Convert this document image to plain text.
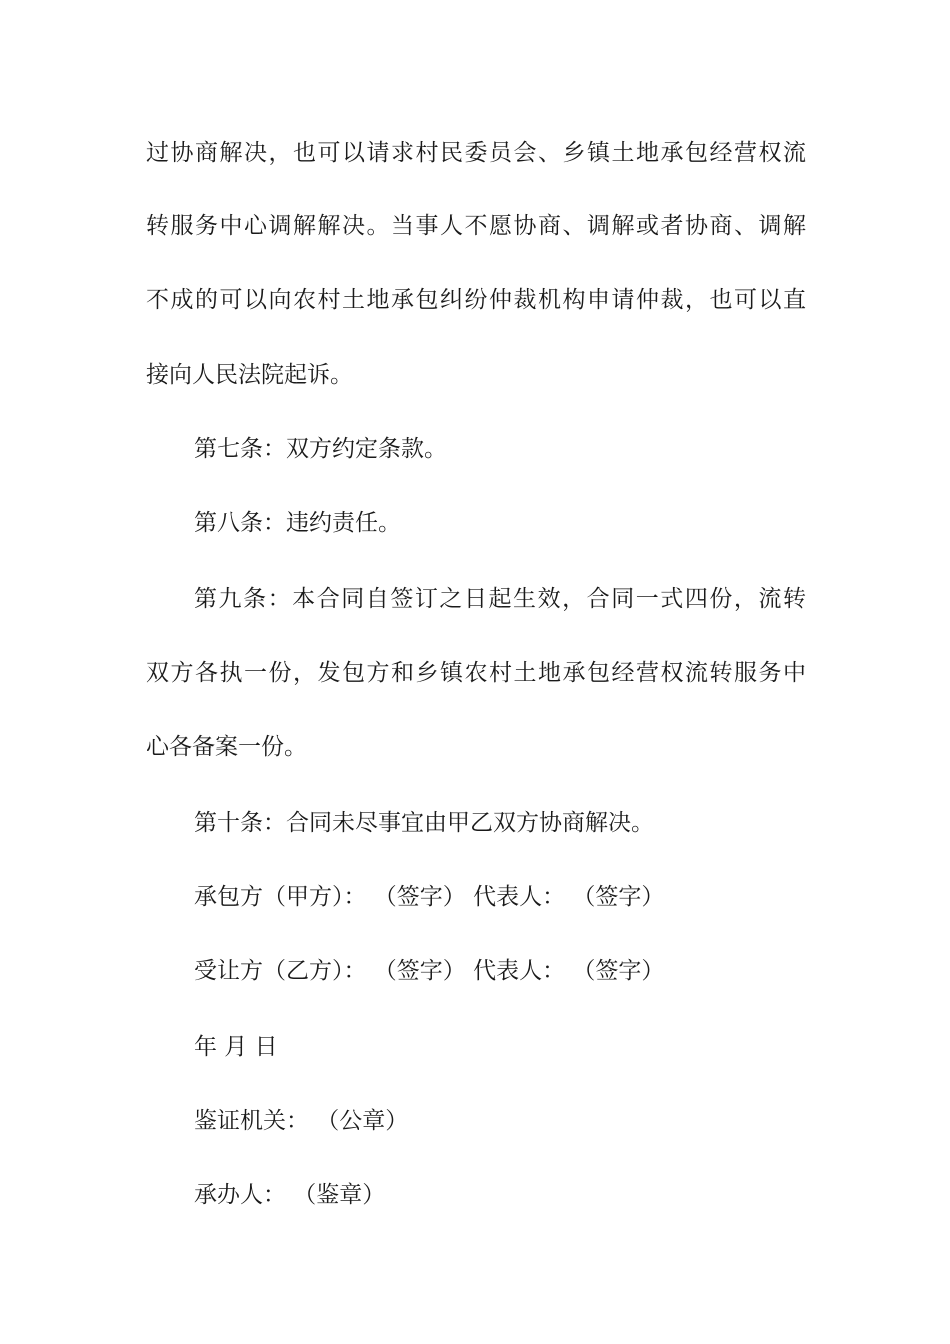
过协商解决，也可以请求村民委员会、乡镇土地承包经营权流
转服务中心调解解决。当事人不愿协商、调解或者协商、调解
不成的可以向农村土地承包纠纷仲裁机构申请仲裁，也可以直
接向人民法院起诉。
第七条：双方约定条款。
第八条：违约责任。
第九条：本合同自签订之日起生效，合同一式四份，流转
双方各执一份，发包方和乡镇农村土地承包经营权流转服务中
心各备案一份。
第十条：合同未尽事宜由甲乙双方协商解决。
承包方（甲方）： （签字） 代表人： （签字）
受让方（乙方）： （签字） 代表人： （签字）
年 月 日
鉴证机关： （公章）
承办人： （鉴章）
